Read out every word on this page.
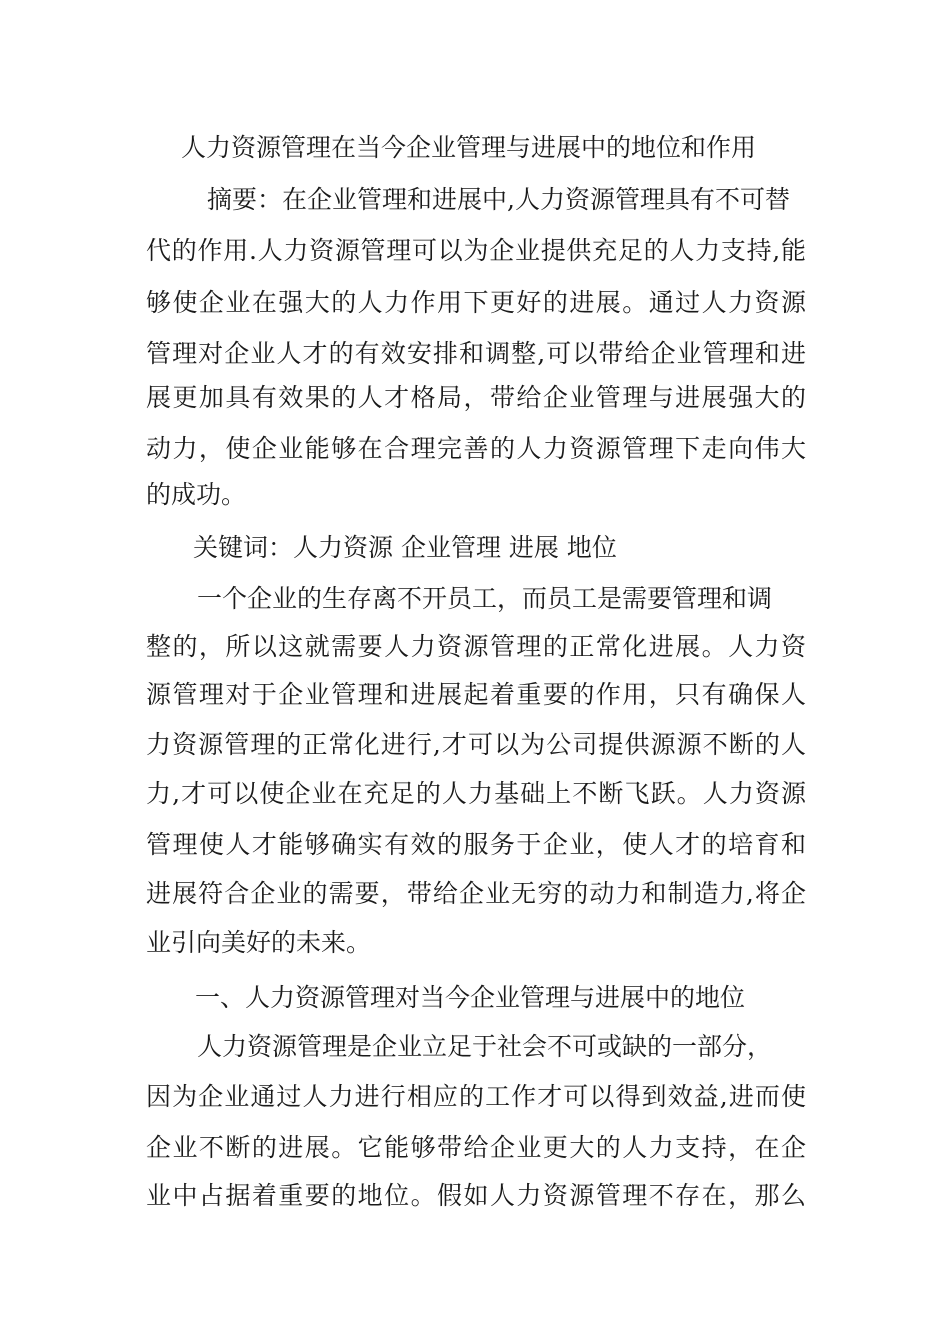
人力资源管理在当今企业管理与进展中的地位和作用

摘要：在企业管理和进展中,人力资源管理具有不可替

代的作用.人力资源管理可以为企业提供充足的人力支持,能

够使企业在强大的人力作用下更好的进展。通过人力资源

管理对企业人才的有效安排和调整,可以带给企业管理和进

展更加具有效果的人才格局，带给企业管理与进展强大的

动力，使企业能够在合理完善的人力资源管理下走向伟大

的成功。

关键词：人力资源 企业管理 进展 地位

一个企业的生存离不开员工，而员工是需要管理和调

整的，所以这就需要人力资源管理的正常化进展。人力资

源管理对于企业管理和进展起着重要的作用，只有确保人

力资源管理的正常化进行,才可以为公司提供源源不断的人

力,才可以使企业在充足的人力基础上不断飞跃。人力资源

管理使人才能够确实有效的服务于企业，使人才的培育和

进展符合企业的需要，带给企业无穷的动力和制造力,将企

业引向美好的未来。

一、人力资源管理对当今企业管理与进展中的地位

人力资源管理是企业立足于社会不可或缺的一部分，

因为企业通过人力进行相应的工作才可以得到效益,进而使

企业不断的进展。它能够带给企业更大的人力支持，在企

业中占据着重要的地位。假如人力资源管理不存在，那么
